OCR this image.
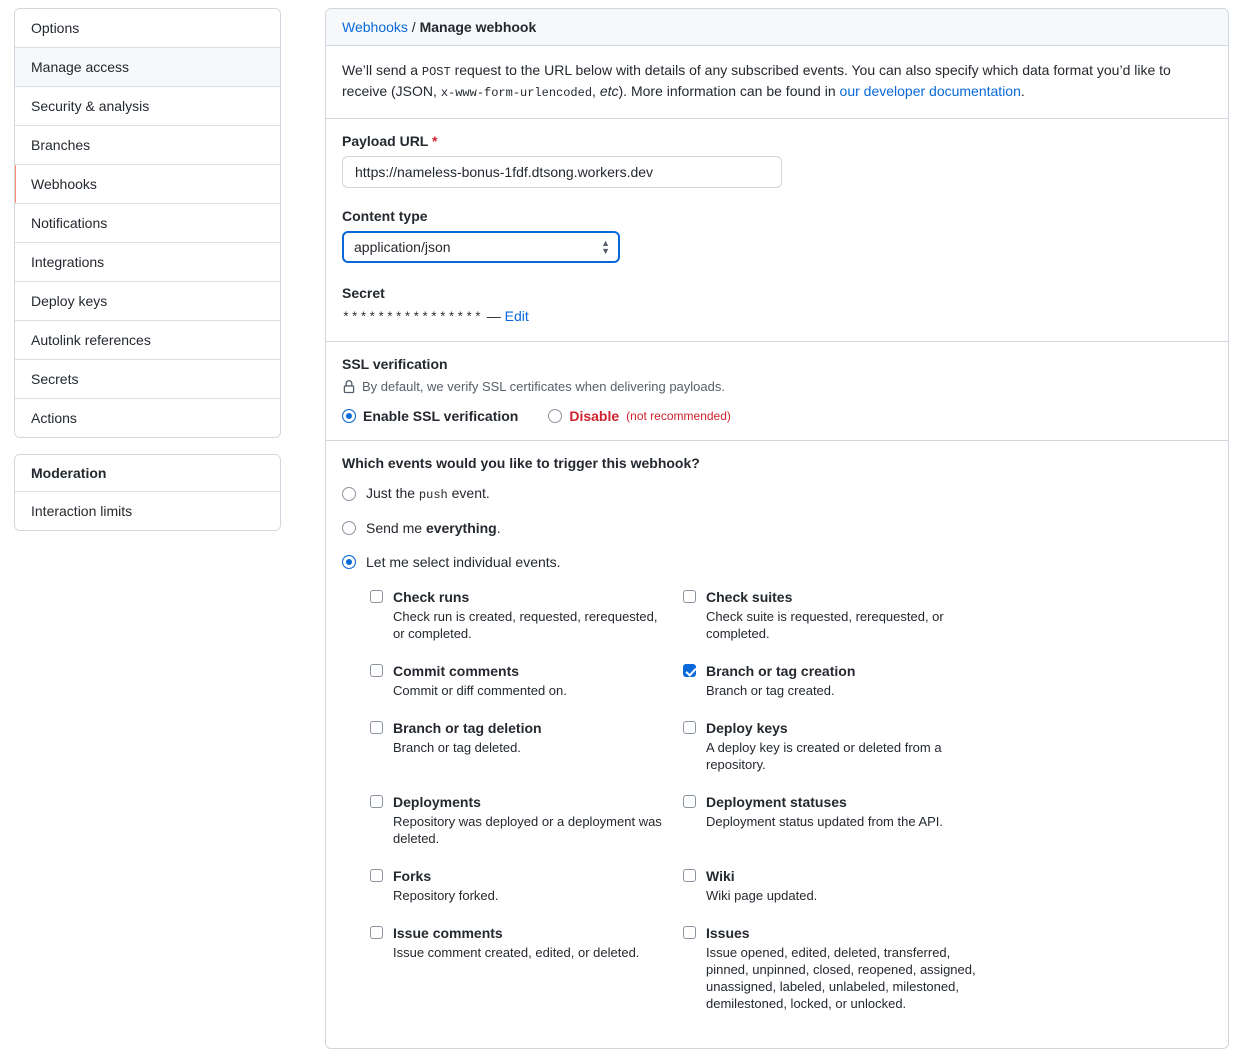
Options
Manage access
Security & analysis
Branches
Webhooks
Notifications
Integrations
Deploy keys
Autolink references
Secrets
Actions
Moderation
Interaction limits
Webhooks / Manage webhook
We’ll send a POST request to the URL below with details of any subscribed events. You can also specify which data format you’d like to receive (JSON, x-www-form-urlencoded, etc). More information can be found in our developer documentation.
Payload URL *
https://nameless-bonus-1fdf.dtsong.workers.dev
Content type
application/json
▲
▼
Secret
**************** — Edit
SSL verification
By default, we verify SSL certificates when delivering payloads.
Enable SSL verification	Disable (not recommended)
Which events would you like to trigger this webhook?
Just the push event.
Send me everything.
Let me select individual events.
Check runs
Check run is created, requested, rerequested, or completed.
Check suites
Check suite is requested, rerequested, or completed.
Commit comments
Commit or diff commented on.
Branch or tag creation
Branch or tag created.
Branch or tag deletion
Branch or tag deleted.
Deploy keys
A deploy key is created or deleted from a repository.
Deployments
Repository was deployed or a deployment was deleted.
Deployment statuses
Deployment status updated from the API.
Forks
Repository forked.
Wiki
Wiki page updated.
Issue comments
Issue comment created, edited, or deleted.
Issues
Issue opened, edited, deleted, transferred, pinned, unpinned, closed, reopened, assigned, unassigned, labeled, unlabeled, milestoned, demilestoned, locked, or unlocked.
